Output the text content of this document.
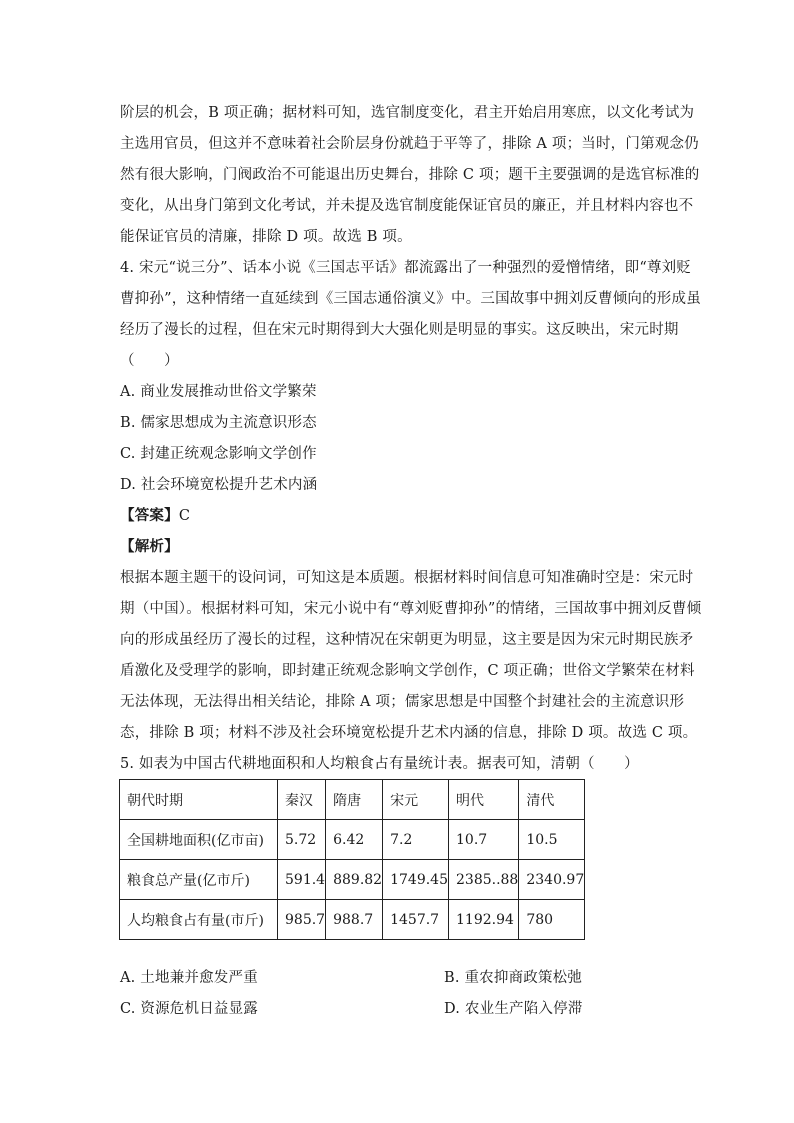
阶层的机会，B 项正确；据材料可知，选官制度变化，君主开始启用寒庶，以文化考试为
主选用官员，但这并不意味着社会阶层身份就趋于平等了，排除 A 项；当时，门第观念仍
然有很大影响，门阀政治不可能退出历史舞台，排除 C 项；题干主要强调的是选官标准的
变化，从出身门第到文化考试，并未提及选官制度能保证官员的廉正，并且材料内容也不
能保证官员的清廉，排除 D 项。故选 B 项。
4. 宋元“说三分”、话本小说《三国志平话》都流露出了一种强烈的爱憎情绪，即“尊刘贬
曹抑孙”，这种情绪一直延续到《三国志通俗演义》中。三国故事中拥刘反曹倾向的形成虽
经历了漫长的过程，但在宋元时期得到大大强化则是明显的事实。这反映出，宋元时期
（　　）
A. 商业发展推动世俗文学繁荣
B. 儒家思想成为主流意识形态
C. 封建正统观念影响文学创作
D. 社会环境宽松提升艺术内涵
【答案】C
【解析】
根据本题主题干的设问词，可知这是本质题。根据材料时间信息可知准确时空是：宋元时
期（中国）。根据材料可知，宋元小说中有“尊刘贬曹抑孙”的情绪，三国故事中拥刘反曹倾
向的形成虽经历了漫长的过程，这种情况在宋朝更为明显，这主要是因为宋元时期民族矛
盾激化及受理学的影响，即封建正统观念影响文学创作，C 项正确；世俗文学繁荣在材料
无法体现，无法得出相关结论，排除 A 项；儒家思想是中国整个封建社会的主流意识形
态，排除 B 项；材料不涉及社会环境宽松提升艺术内涵的信息，排除 D 项。故选 C 项。
5. 如表为中国古代耕地面积和人均粮食占有量统计表。据表可知，清朝（　　）
朝代时期	秦汉	隋唐	宋元	明代	清代
全国耕地面积(亿市亩)	5.72	6.42	7.2	10.7	10.5
粮食总产量(亿市斤)	591.4	889.82	1749.45	2385..88	2340.97
人均粮食占有量(市斤)	985.7	988.7	1457.7	1192.94	780
A. 土地兼并愈发严重	B. 重农抑商政策松弛
C. 资源危机日益显露	D. 农业生产陷入停滞
